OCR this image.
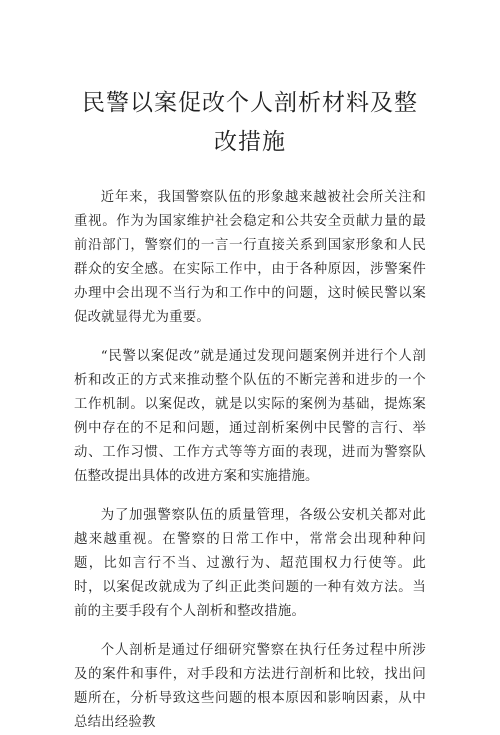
民警以案促改个人剖析材料及整改措施

近年来，我国警察队伍的形象越来越被社会所关注和重视。作为为国家维护社会稳定和公共安全贡献力量的最前沿部门，警察们的一言一行直接关系到国家形象和人民群众的安全感。在实际工作中，由于各种原因，涉警案件办理中会出现不当行为和工作中的问题，这时候民警以案促改就显得尤为重要。

“民警以案促改”就是通过发现问题案例并进行个人剖析和改正的方式来推动整个队伍的不断完善和进步的一个工作机制。以案促改，就是以实际的案例为基础，提炼案例中存在的不足和问题，通过剖析案例中民警的言行、举动、工作习惯、工作方式等等方面的表现，进而为警察队伍整改提出具体的改进方案和实施措施。

为了加强警察队伍的质量管理，各级公安机关都对此越来越重视。在警察的日常工作中，常常会出现种种问题，比如言行不当、过激行为、超范围权力行使等。此时，以案促改就成为了纠正此类问题的一种有效方法。当前的主要手段有个人剖析和整改措施。

个人剖析是通过仔细研究警察在执行任务过程中所涉及的案件和事件，对手段和方法进行剖析和比较，找出问题所在，分析导致这些问题的根本原因和影响因素，从中总结出经验教
